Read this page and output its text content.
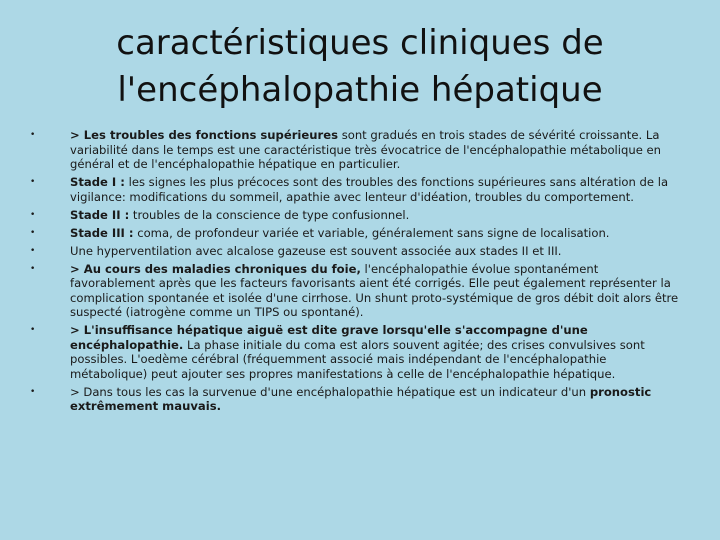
caractéristiques cliniques de
l'encéphalopathie hépatique
•	> Les troubles des fonctions supérieures sont gradués en trois stades de sévérité croissante. La variabilité dans le temps est une caractéristique très évocatrice de l'encéphalopathie métabolique en général et de l'encéphalopathie hépatique en particulier.
•	Stade I : les signes les plus précoces sont des troubles des fonctions supérieures sans altération de la vigilance: modifications du sommeil, apathie avec lenteur d'idéation, troubles du comportement.
•	Stade II : troubles de la conscience de type confusionnel.
•	Stade III : coma, de profondeur variée et variable, généralement sans signe de localisation.
•	Une hyperventilation avec alcalose gazeuse est souvent associée aux stades II et III.
•	> Au cours des maladies chroniques du foie, l'encéphalopathie évolue spontanément favorablement après que les facteurs favorisants aient été corrigés. Elle peut également représenter la complication spontanée et isolée d'une cirrhose. Un shunt proto-systémique de gros débit doit alors être suspecté (iatrogène comme un TIPS ou spontané).
•	> L'insuffisance hépatique aiguë est dite grave lorsqu'elle s'accompagne d'une encéphalopathie. La phase initiale du coma est alors souvent agitée; des crises convulsives sont possibles. L'oedème cérébral (fréquemment associé mais indépendant de l'encéphalopathie métabolique) peut ajouter ses propres manifestations à celle de l'encéphalopathie hépatique.
•	> Dans tous les cas la survenue d'une encéphalopathie hépatique est un indicateur d'un pronostic extrêmement mauvais.
